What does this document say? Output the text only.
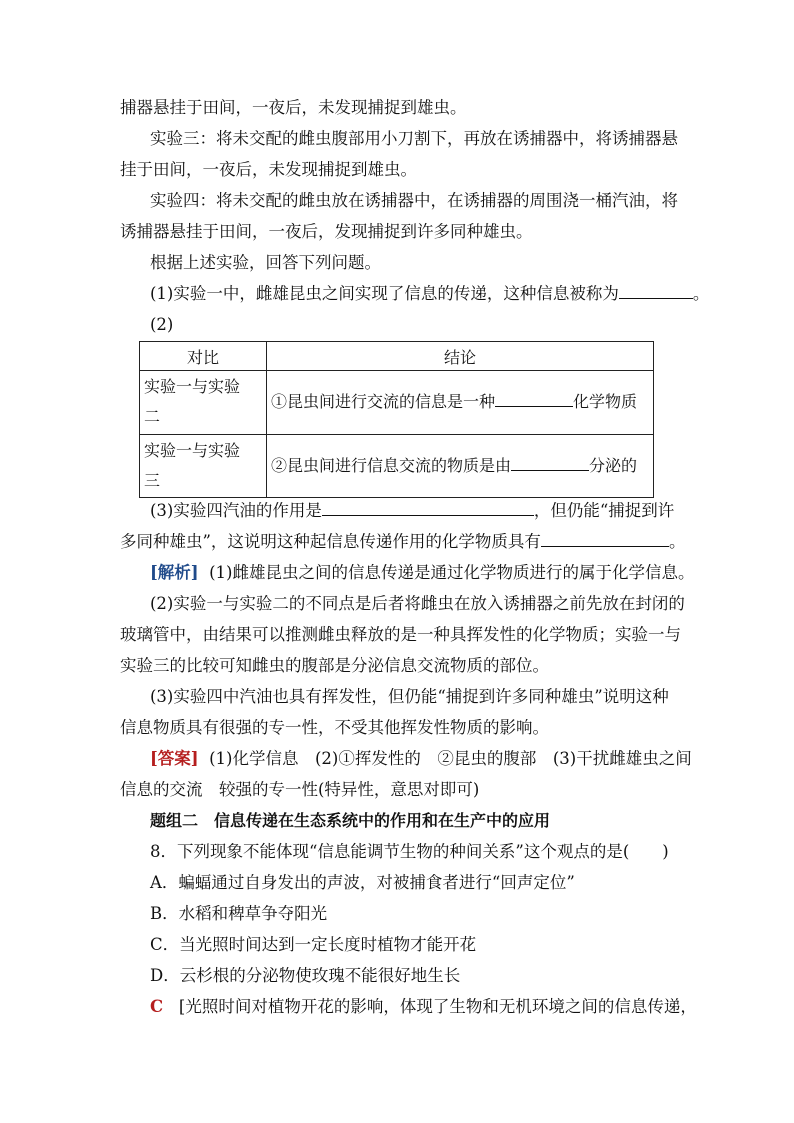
捕器悬挂于田间，一夜后，未发现捕捉到雄虫。
实验三：将未交配的雌虫腹部用小刀割下，再放在诱捕器中，将诱捕器悬
挂于田间，一夜后，未发现捕捉到雄虫。
实验四：将未交配的雌虫放在诱捕器中，在诱捕器的周围浇一桶汽油，将
诱捕器悬挂于田间，一夜后，发现捕捉到许多同种雄虫。
根据上述实验，回答下列问题。
(1)实验一中，雌雄昆虫之间实现了信息的传递，这种信息被称为	。
(2)
对比	结论
实验一与实验
二	①昆虫间进行交流的信息是一种 化学物质
实验一与实验
三	②昆虫间进行信息交流的物质是由 分泌的
(3)实验四汽油的作用是	，但仍能“捕捉到许
多同种雄虫”，这说明这种起信息传递作用的化学物质具有	。
[解析] (1)雌雄昆虫之间的信息传递是通过化学物质进行的属于化学信息。
(2)实验一与实验二的不同点是后者将雌虫在放入诱捕器之前先放在封闭的
玻璃管中，由结果可以推测雌虫释放的是一种具挥发性的化学物质；实验一与
实验三的比较可知雌虫的腹部是分泌信息交流物质的部位。
(3)实验四中汽油也具有挥发性，但仍能“捕捉到许多同种雄虫”说明这种
信息物质具有很强的专一性，不受其他挥发性物质的影响。
[答案] (1)化学信息　(2)①挥发性的　②昆虫的腹部　(3)干扰雌雄虫之间
信息的交流　较强的专一性(特异性，意思对即可)
题组二　信息传递在生态系统中的作用和在生产中的应用
8．下列现象不能体现“信息能调节生物的种间关系”这个观点的是(　　)
A．蝙蝠通过自身发出的声波，对被捕食者进行“回声定位”
B．水稻和稗草争夺阳光
C．当光照时间达到一定长度时植物才能开花
D．云杉根的分泌物使玫瑰不能很好地生长
C [光照时间对植物开花的影响，体现了生物和无机环境之间的信息传递，
